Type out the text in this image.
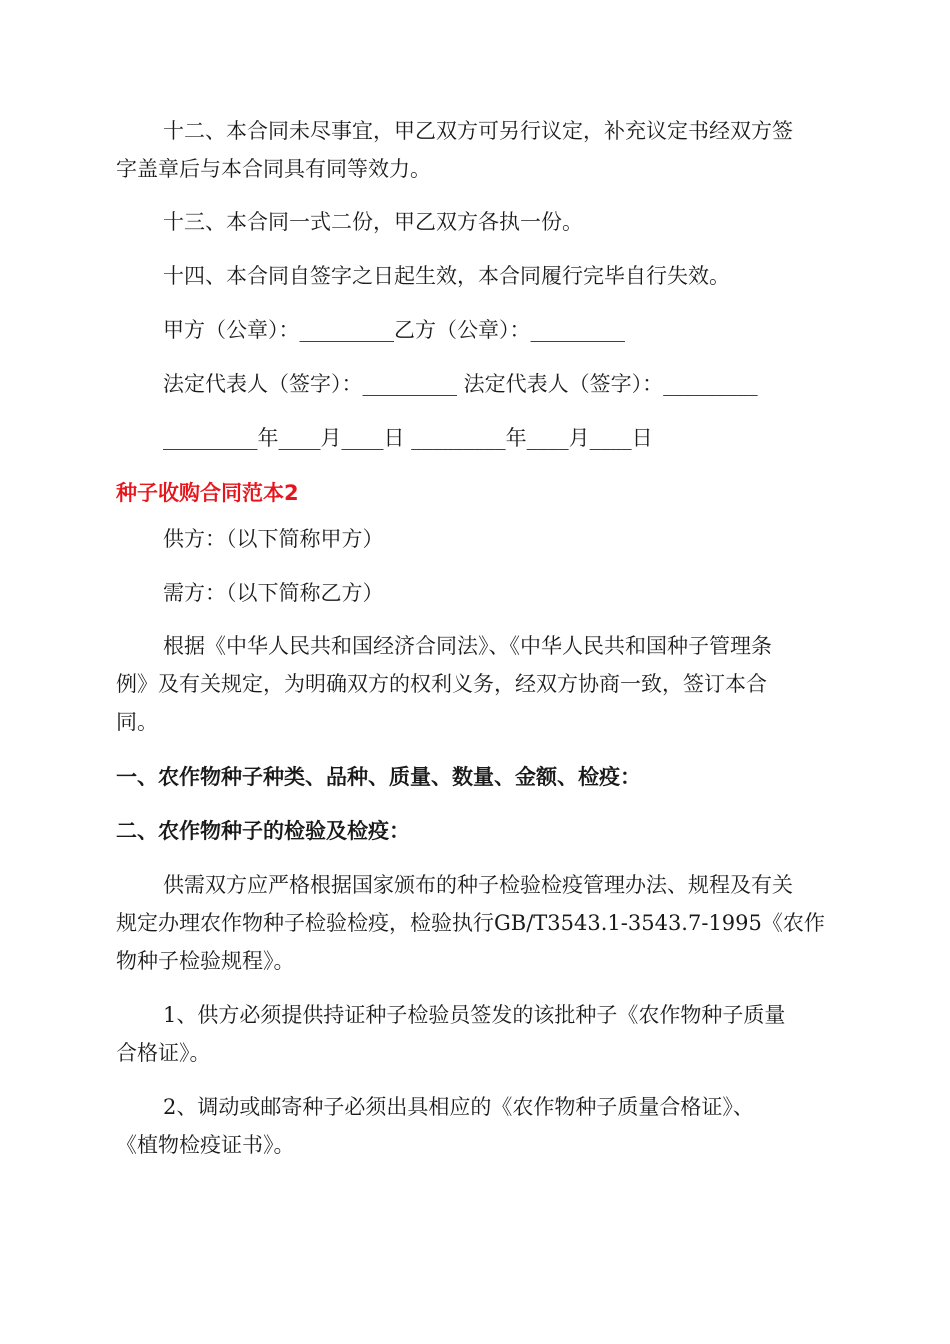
十二、本合同未尽事宜，甲乙双方可另行议定，补充议定书经双方签

字盖章后与本合同具有同等效力。

十三、本合同一式二份，甲乙双方各执一份。

十四、本合同自签字之日起生效，本合同履行完毕自行失效。

甲方（公章）：_________乙方（公章）：_________

法定代表人（签字）：_________ 法定代表人（签字）：_________

_________年____月____日 _________年____月____日

种子收购合同范本2

供方：（以下简称甲方）

需方：（以下简称乙方）

根据《中华人民共和国经济合同法》、《中华人民共和国种子管理条

例》及有关规定，为明确双方的权利义务，经双方协商一致，签订本合

同。

一、农作物种子种类、品种、质量、数量、金额、检疫：

二、农作物种子的检验及检疫：

供需双方应严格根据国家颁布的种子检验检疫管理办法、规程及有关

规定办理农作物种子检验检疫，检验执行GB/T3543.1-3543.7-1995《农作

物种子检验规程》。

1、供方必须提供持证种子检验员签发的该批种子《农作物种子质量

合格证》。

2、调动或邮寄种子必须出具相应的《农作物种子质量合格证》、

《植物检疫证书》。
